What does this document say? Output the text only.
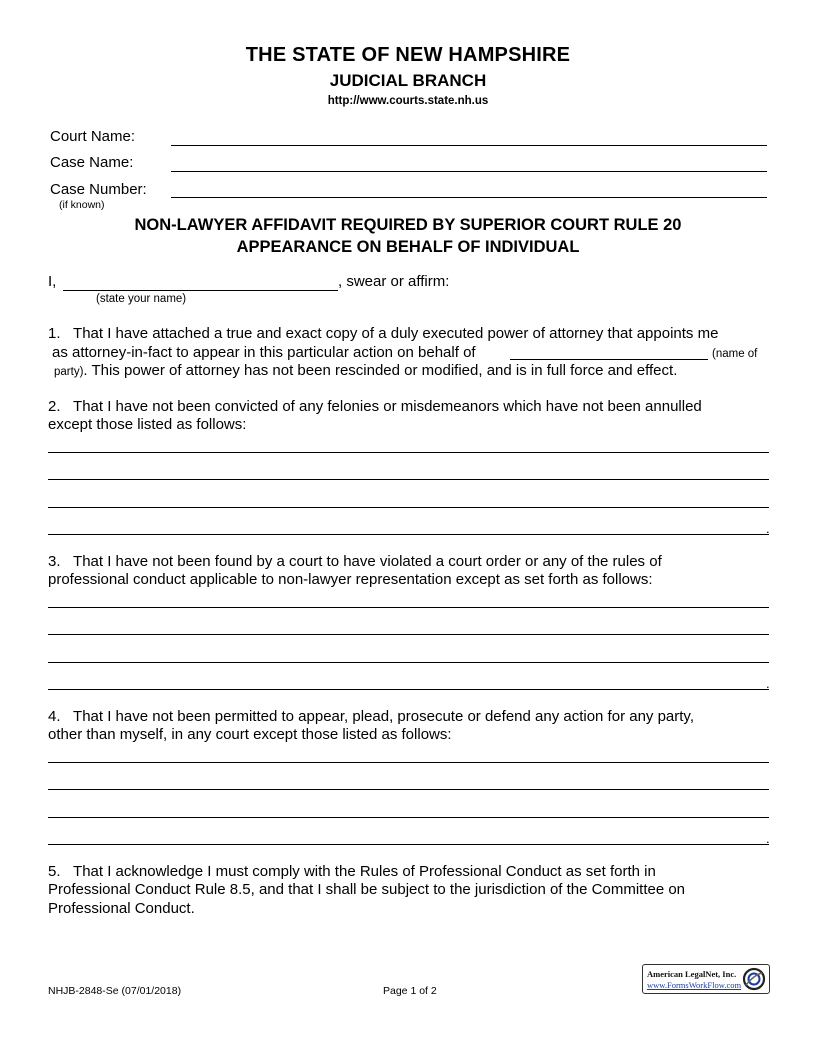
THE STATE OF NEW HAMPSHIRE
JUDICIAL BRANCH
http://www.courts.state.nh.us
Court Name:
Case Name:
Case Number:
(if known)
NON-LAWYER AFFIDAVIT REQUIRED BY SUPERIOR COURT RULE 20
APPEARANCE ON BEHALF OF INDIVIDUAL
I,	, swear or affirm:
(state your name)
1. That I have attached a true and exact copy of a duly executed power of attorney that appoints me
as attorney-in-fact to appear in this particular action on behalf of	(name of
party). This power of attorney has not been rescinded or modified, and is in full force and effect.
2. That I have not been convicted of any felonies or misdemeanors which have not been annulled
except those listed as follows:
.
3. That I have not been found by a court to have violated a court order or any of the rules of
professional conduct applicable to non-lawyer representation except as set forth as follows:
.
4. That I have not been permitted to appear, plead, prosecute or defend any action for any party,
other than myself, in any court except those listed as follows:
.
5. That I acknowledge I must comply with the Rules of Professional Conduct as set forth in
Professional Conduct Rule 8.5, and that I shall be subject to the jurisdiction of the Committee on
Professional Conduct.
NHJB-2848-Se (07/01/2018)	Page 1 of 2
American LegalNet, Inc.
www.FormsWorkFlow.com
